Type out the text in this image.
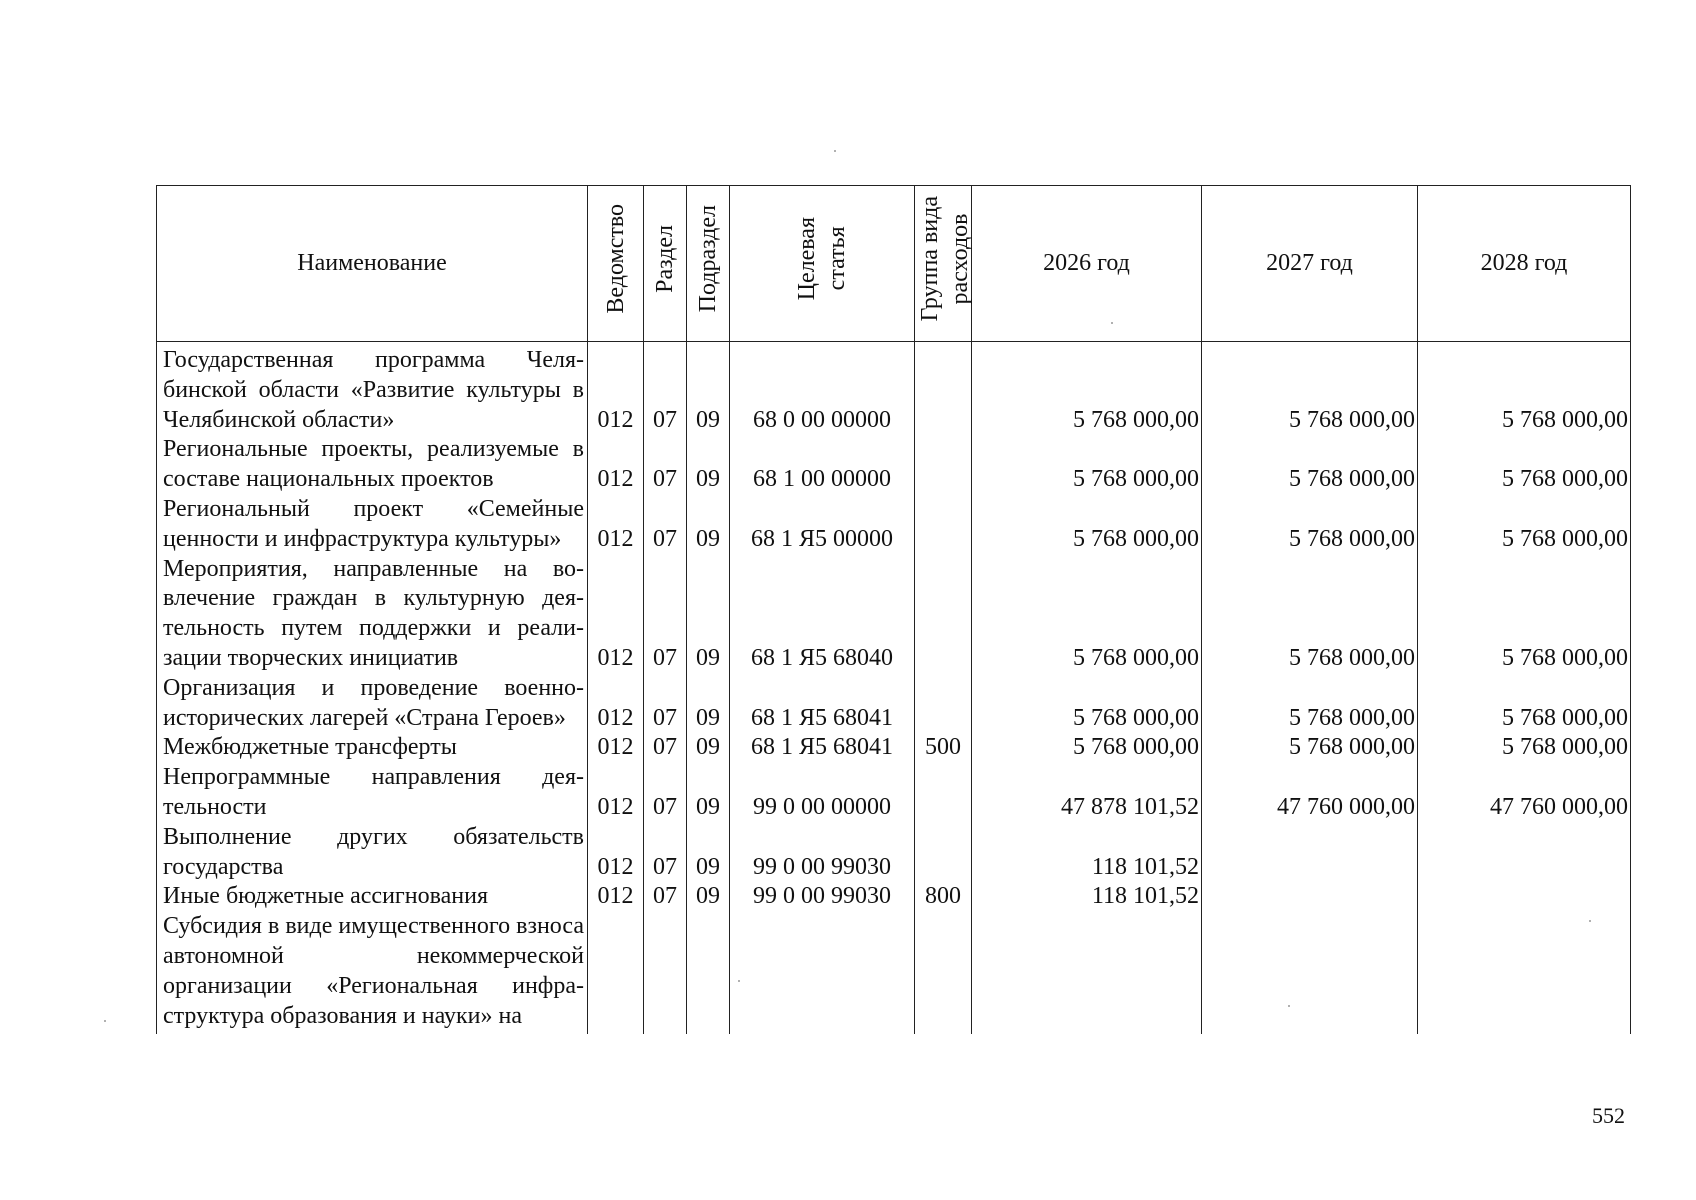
Наименование	Ведомство	Раздел	Подраздел	Целевая статья	Группа вида расходов	2026 год	2027 год	2028 год
Государственная программа Челябинской области «Развитие культуры в Челябинской области»	012	07	09	68 0 00 00000		5 768 000,00	5 768 000,00	5 768 000,00
Региональные проекты, реализуемые в составе национальных проектов	012	07	09	68 1 00 00000		5 768 000,00	5 768 000,00	5 768 000,00
Региональный проект «Семейные ценности и инфраструктура культуры»	012	07	09	68 1 Я5 00000		5 768 000,00	5 768 000,00	5 768 000,00
Мероприятия, направленные на вовлечение граждан в культурную деятельность путем поддержки и реализации творческих инициатив	012	07	09	68 1 Я5 68040		5 768 000,00	5 768 000,00	5 768 000,00
Организация и проведение военно-исторических лагерей «Страна Героев»	012	07	09	68 1 Я5 68041		5 768 000,00	5 768 000,00	5 768 000,00
Межбюджетные трансферты	012	07	09	68 1 Я5 68041	500	5 768 000,00	5 768 000,00	5 768 000,00
Непрограммные направления деятельности	012	07	09	99 0 00 00000		47 878 101,52	47 760 000,00	47 760 000,00
Выполнение других обязательств государства	012	07	09	99 0 00 99030		118 101,52		
Иные бюджетные ассигнования	012	07	09	99 0 00 99030	800	118 101,52		
Субсидия в виде имущественного взноса автономной некоммерческой организации «Региональная инфраструктура образования и науки» на								
552
